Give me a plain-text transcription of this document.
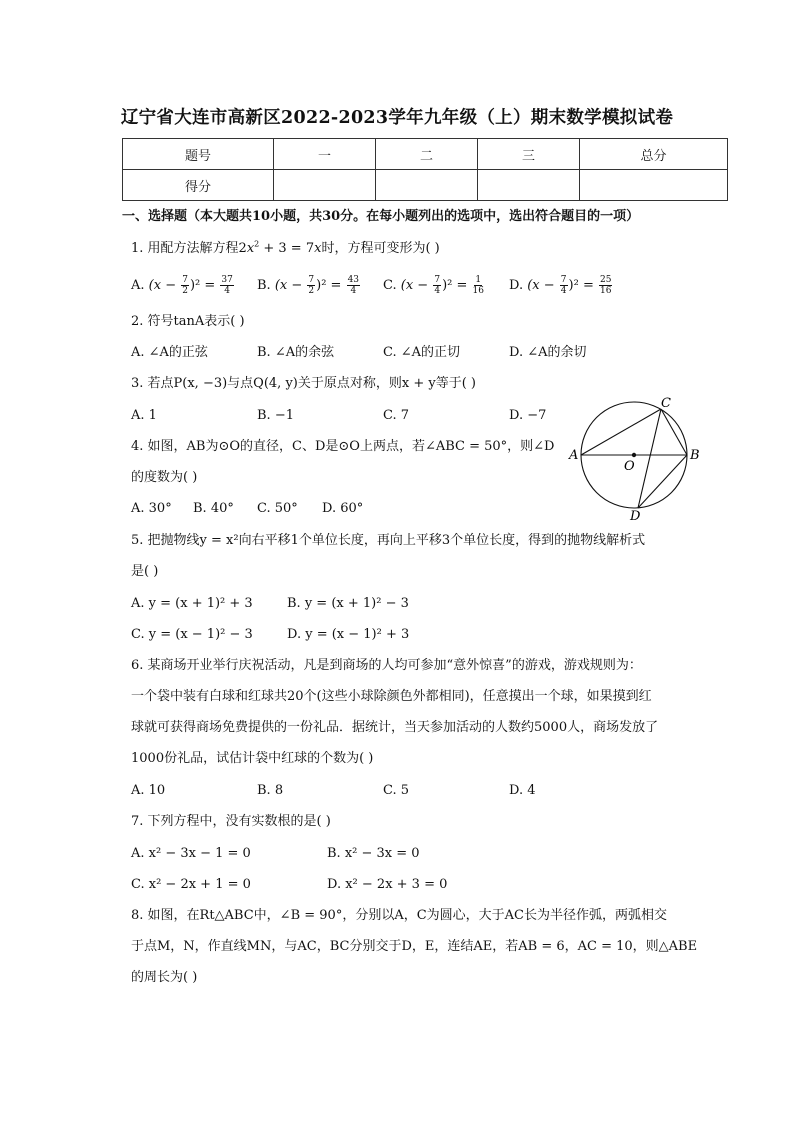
辽宁省大连市高新区2022-2023学年九年级（上）期末数学模拟试卷
题号	一	二	三	总分
得分				
一、选择题（本大题共10小题，共30分。在每小题列出的选项中，选出符合题目的一项）
1. 用配方法解方程$2x^2 + 3 = 7x$时，方程可变形为( )
A. $(x - \frac{7}{2} )^2 = \frac{37}{4} B$. $(x - \frac{7}{2} )^2 = \frac{43}{4} C$. $(x - \frac{7}{4} )^2 = \frac{1}{16} D$. $(x - \frac{7}{4} )^2 = \frac{25}{16}$
2. 符号tanA表示( )
A. ∠A的正弦	B. ∠A的余弦	C. ∠A的正切	D. ∠A的余切
3. 若点P(x, −3)与点Q(4, y)关于原点对称，则x + y等于( )
A. 1	B. −1	C. 7	D. −7
4. 如图，AB为⊙O的直径，C、D是⊙O上两点，若∠ABC = 50°，则∠D
的度数为( )
A. 30° B. 40° C. 50° D. 60°
A	B
C
D
O
5. 把抛物线y = x²向右平移1个单位长度，再向上平移3个单位长度，得到的抛物线解析式
是( )
A. y = (x + 1)² + 3	B. y = (x + 1)² − 3
C. y = (x − 1)² − 3	D. y = (x − 1)² + 3
6. 某商场开业举行庆祝活动，凡是到商场的人均可参加“意外惊喜”的游戏，游戏规则为：
一个袋中装有白球和红球共20个(这些小球除颜色外都相同)，任意摸出一个球，如果摸到红
球就可获得商场免费提供的一份礼品．据统计，当天参加活动的人数约5000人，商场发放了
1000份礼品，试估计袋中红球的个数为( )
A. 10	B. 8	C. 5	D. 4
7. 下列方程中，没有实数根的是( )
A. x² − 3x − 1 = 0	B. x² − 3x = 0
C. x² − 2x + 1 = 0	D. x² − 2x + 3 = 0
8. 如图，在Rt△ABC中，∠B = 90°，分别以A，C为圆心，大于AC长为半径作弧，两弧相交
于点M，N，作直线MN，与AC，BC分别交于D，E，连结AE，若AB = 6，AC = 10，则△ABE
的周长为( )
